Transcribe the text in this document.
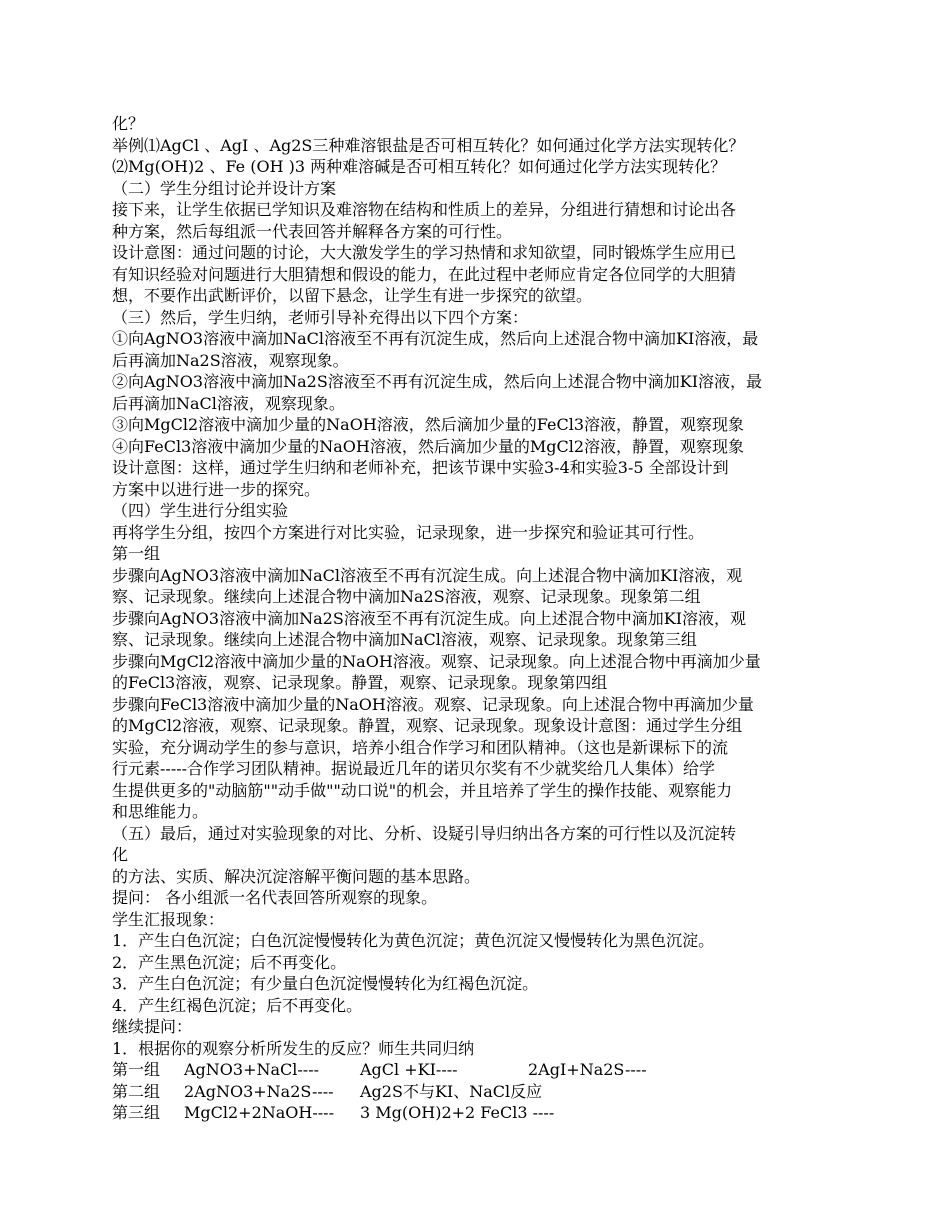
化？
举例⑴AgCl 、AgI 、Ag2S三种难溶银盐是否可相互转化？如何通过化学方法实现转化？
⑵Mg(OH)2 、Fe (OH )3 两种难溶碱是否可相互转化？如何通过化学方法实现转化？
（二）学生分组讨论并设计方案
接下来，让学生依据已学知识及难溶物在结构和性质上的差异，分组进行猜想和讨论出各
种方案，然后每组派一代表回答并解释各方案的可行性。
设计意图：通过问题的讨论，大大激发学生的学习热情和求知欲望，同时锻炼学生应用已
有知识经验对问题进行大胆猜想和假设的能力，在此过程中老师应肯定各位同学的大胆猜
想，不要作出武断评价，以留下悬念，让学生有进一步探究的欲望。
（三）然后，学生归纳，老师引导补充得出以下四个方案：
①向AgNO3溶液中滴加NaCl溶液至不再有沉淀生成，然后向上述混合物中滴加KI溶液，最
后再滴加Na2S溶液，观察现象。
②向AgNO3溶液中滴加Na2S溶液至不再有沉淀生成，然后向上述混合物中滴加KI溶液，最
后再滴加NaCl溶液，观察现象。
③向MgCl2溶液中滴加少量的NaOH溶液，然后滴加少量的FeCl3溶液，静置，观察现象
④向FeCl3溶液中滴加少量的NaOH溶液，然后滴加少量的MgCl2溶液，静置，观察现象
设计意图：这样，通过学生归纳和老师补充，把该节课中实验3-4和实验3-5 全部设计到
方案中以进行进一步的探究。
（四）学生进行分组实验
再将学生分组，按四个方案进行对比实验，记录现象，进一步探究和验证其可行性。
第一组
步骤向AgNO3溶液中滴加NaCl溶液至不再有沉淀生成。向上述混合物中滴加KI溶液，观
察、记录现象。继续向上述混合物中滴加Na2S溶液，观察、记录现象。现象第二组
步骤向AgNO3溶液中滴加Na2S溶液至不再有沉淀生成。向上述混合物中滴加KI溶液，观
察、记录现象。继续向上述混合物中滴加NaCl溶液，观察、记录现象。现象第三组
步骤向MgCl2溶液中滴加少量的NaOH溶液。观察、记录现象。向上述混合物中再滴加少量
的FeCl3溶液，观察、记录现象。静置，观察、记录现象。现象第四组
步骤向FeCl3溶液中滴加少量的NaOH溶液。观察、记录现象。向上述混合物中再滴加少量
的MgCl2溶液，观察、记录现象。静置，观察、记录现象。现象设计意图：通过学生分组
实验，充分调动学生的参与意识，培养小组合作学习和团队精神。（这也是新课标下的流
行元素-----合作学习团队精神。据说最近几年的诺贝尔奖有不少就奖给几人集体）给学
生提供更多的"动脑筋""动手做""动口说"的机会，并且培养了学生的操作技能、观察能力
和思维能力。
（五）最后，通过对实验现象的对比、分析、设疑引导归纳出各方案的可行性以及沉淀转
化
的方法、实质、解决沉淀溶解平衡问题的基本思路。
提问： 各小组派一名代表回答所观察的现象。
学生汇报现象：
1．产生白色沉淀；白色沉淀慢慢转化为黄色沉淀；黄色沉淀又慢慢转化为黑色沉淀。
2．产生黑色沉淀；后不再变化。
3．产生白色沉淀；有少量白色沉淀慢慢转化为红褐色沉淀。
4．产生红褐色沉淀；后不再变化。
继续提问：
1．根据你的观察分析所发生的反应？师生共同归纳
第一组	AgNO3+NaCl----	AgCl +KI----	2AgI+Na2S----
第二组	2AgNO3+Na2S----	Ag2S不与KI、NaCl反应
第三组	MgCl2+2NaOH----	3 Mg(OH)2+2 FeCl3 ----
